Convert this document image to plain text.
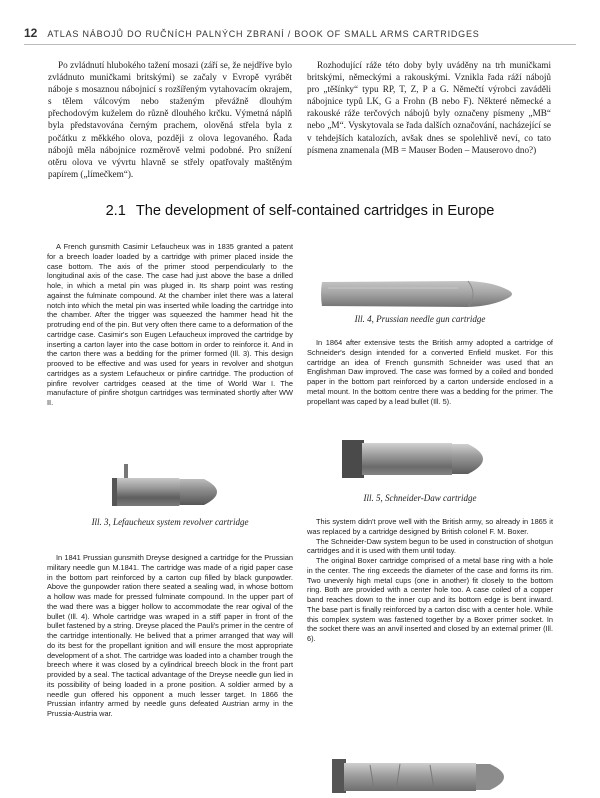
12 ATLAS NÁBOJŮ DO RUČNÍCH PALNÝCH ZBRANÍ / BOOK OF SMALL ARMS CARTRIDGES

Po zvládnutí hlubokého tažení mosazi (září se, že nejdříve bylo zvládnuto muničkami britskými) se začaly v Evropě vyrábět náboje s mosaznou nábojnicí s rozšířeným vytahovacím okrajem, s tělem válcovým nebo staženým převážně dlouhým přechodovým kuželem do různě dlouhého krčku. Výmetná náplň byla představována černým prachem, olověná střela byla z počátku z měkkého olova, později z olova legovaného. Řada nábojů měla nábojnice rozměrově velmi podobné. Pro snížení otěru olova ve vývrtu hlavně se střely opatřovaly maštěným papírem („límečkem“).

Rozhodující ráže této doby byly uváděny na trh muničkami britskými, německými a rakouskými. Vznikla řada ráží nábojů pro „těšínky“ typu RP, T, Z, P a G. Němečtí výrobci zaváděli nábojnice typů LK, G a Frohn (B nebo F). Některé německé a rakouské ráže terčových nábojů byly označeny písmeny „MB“ nebo „M“. Vyskytovala se řada dalších označování, nacházející se v tehdejších katalozích, avšak dnes se spolehlivě neví, co tato písmena znamenala (MB = Mauser Boden – Mauserovo dno?)

2.1 The development of self-contained cartridges in Europe

A French gunsmith Casimir Lefaucheux was in 1835 granted a patent for a breech loader loaded by a cartridge with primer placed inside the case bottom. The axis of the primer stood perpendicularly to the longitudinal axis of the case. The case had just above the base a drilled hole, in which a metal pin was pluged in. Its sharp point was resting against the fulminate compound. At the chamber inlet there was a lateral notch into which the metal pin was inserted while loading the cartridge into the chamber. After the trigger was squeezed the hammer head hit the protruding end of the pin. But very often there came to a deformation of the cartridge case. Casimir's son Eugen Lefaucheux improved the cartridge by inserting a carton layer into the case bottom in order to reinforce it. And in the carton there was a bedding for the primer formed (Ill. 3). This design prooved to be effective and was used for years in revolver and shotgun cartridges as a system Lefaucheux or pinfire cartridge. The production of pinfire revolver cartridges ceased at the time of World War I. The manufacture of pinfire shotgun cartridges was terminated shortly after WW II.

Ill. 3, Lefaucheux system revolver cartridge

In 1841 Prussian gunsmith Dreyse designed a cartridge for the Prussian military needle gun M.1841. The cartridge was made of a rigid paper case in the bottom part reinforced by a carton cup filled by black gunpowder. Above the gunpowder ration there seated a sealing wad, in whose bottom a hollow was made for pressed fulminate compound. In the upper part of the wad there was a bigger hollow to accommodate the rear ogival of the bullet (Ill. 4). Whole cartridge was wraped in a stiff paper in front of the bullet fastened by a string. Dreyse placed the Pauli's primer in the centre of the cartridge intentionally. He belived that a primer arranged that way will do its best for the propellant ignition and will ensure the most appropriate development of a shot. The cartridge was loaded into a chamber trough the breech where it was closed by a cylindrical breech block in the front part provided by a seal. The tactical advantage of the Dreyse needle gun lied in its possibility of being loaded in a prone position. A soldier armed by a needle gun offered his opponent a much lesser target. In 1866 the Prussian infantry armed by needle guns defeated Austrian army in the Prussia-Austria war.

Ill. 4, Prussian needle gun cartridge

In 1864 after extensive tests the British army adopted a cartridge of Schneider's design intended for a converted Enfield musket. For this cartridge an idea of French gunsmith Schneider was used that an Englishman Daw improved. The case was formed by a coiled and bonded paper in the bottom part reinforced by a carton underside enclosed in a metal mount. In the bottom centre there was a bedding for the primer. The propellant was caped by a lead bullet (Ill. 5).

Ill. 5, Schneider-Daw cartridge

This system didn't prove well with the British army, so already in 1865 it was replaced by a cartridge designed by British colonel F. M. Boxer.

The Schneider-Daw system begun to be used in construction of shotgun cartridges and it is used with them until today.

The original Boxer cartridge comprised of a metal base ring with a hole in the center. The ring exceeds the diameter of the case and forms its rim. Two unevenly high metal cups (one in another) fit closely to the bottom ring. Both are provided with a center hole too. A case coiled of a copper band reaches down to the inner cup and its bottom edge is bent inward. The base part is finally reinforced by a carton disc with a center hole. While this complex system was fastened together by a Boxer primer socket. In the socket there was an anvil inserted and closed by an external primer (Ill. 6).
